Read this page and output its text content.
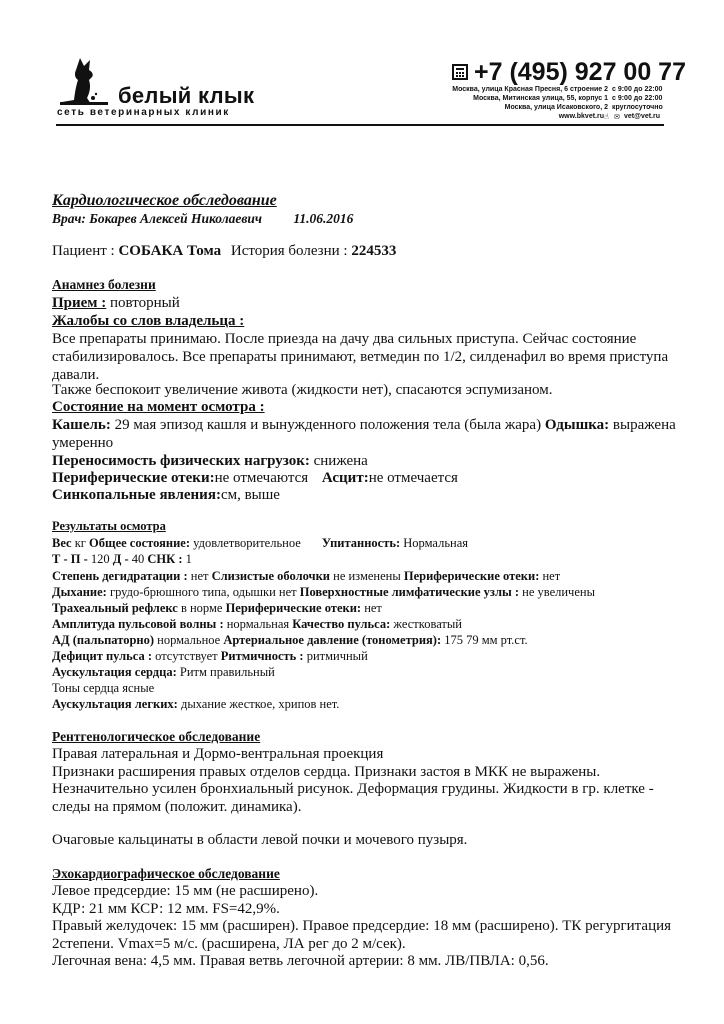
белый клык
сеть ветеринарных клиник
+7 (495) 927 00 77
Москва, улица Красная Пресня, 6 строение 2 с 9:00 до 22:00
Москва, Митинская улица, 55, корпус 1 с 9:00 до 22:00
Москва, улица Исаковского, 2 круглосуточно
www.bkvet.ru ☝ ✉ vet@vet.ru
Кардиологическое обследование
Врач: Бокарев Алексей Николаевич 11.06.2016
Пациент : СОБАКА Тома История болезни : 224533
Анамнез болезни
Прием : повторный
Жалобы со слов владельца :
Все препараты принимаю. После приезда на дачу два сильных приступа. Сейчас состояние
стабилизировалось. Все препараты принимают, ветмедин по 1/2, силденафил во время приступа
давали.
Также беспокоит увеличение живота (жидкости нет), спасаются эспумизаном.
Состояние на момент осмотра :
Кашель: 29 мая эпизод кашля и вынужденного положения тела (была жара) Одышка: выражена
умеренно
Переносимость физических нагрузок: снижена
Периферические отеки:не отмечаются Асцит:не отмечается
Синкопальные явления:см, выше
Результаты осмотра
Вес кг Общее состояние: удовлетворительное Упитанность: Нормальная
Т - П - 120 Д - 40 СНК : 1
Степень дегидратации : нет Слизистые оболочки не изменены Периферические отеки: нет
Дыхание: грудо-брюшного типа, одышки нет Поверхностные лимфатические узлы : не увеличены
Трахеальный рефлекс в норме Периферические отеки: нет
Амплитуда пульсовой волны : нормальная Качество пульса: жестковатый
АД (пальпаторно) нормальное Артериальное давление (тонометрия): 175 79 мм рт.ст.
Дефицит пульса : отсутствует Ритмичность : ритмичный
Аускультация сердца: Ритм правильный
Тоны сердца ясные
Аускультация легких: дыхание жесткое, хрипов нет.
Рентгенологическое обследование
Правая латеральная и Дормо-вентральная проекция
Признаки расширения правых отделов сердца. Признаки застоя в МКК не выражены.
Незначительно усилен бронхиальный рисунок. Деформация грудины. Жидкости в гр. клетке -
следы на прямом (положит. динамика).
Очаговые кальцинаты в области левой почки и мочевого пузыря.
Эхокардиографическое обследование
Левое предсердие: 15 мм (не расширено).
КДР: 21 мм КСР: 12 мм. FS=42,9%.
Правый желудочек: 15 мм (расширен). Правое предсердие: 18 мм (расширено). ТК регургитация
2степени. Vmax=5 м/с. (расширена, ЛА рег до 2 м/сек).
Легочная вена: 4,5 мм. Правая ветвь легочной артерии: 8 мм. ЛВ/ПВЛА: 0,56.
